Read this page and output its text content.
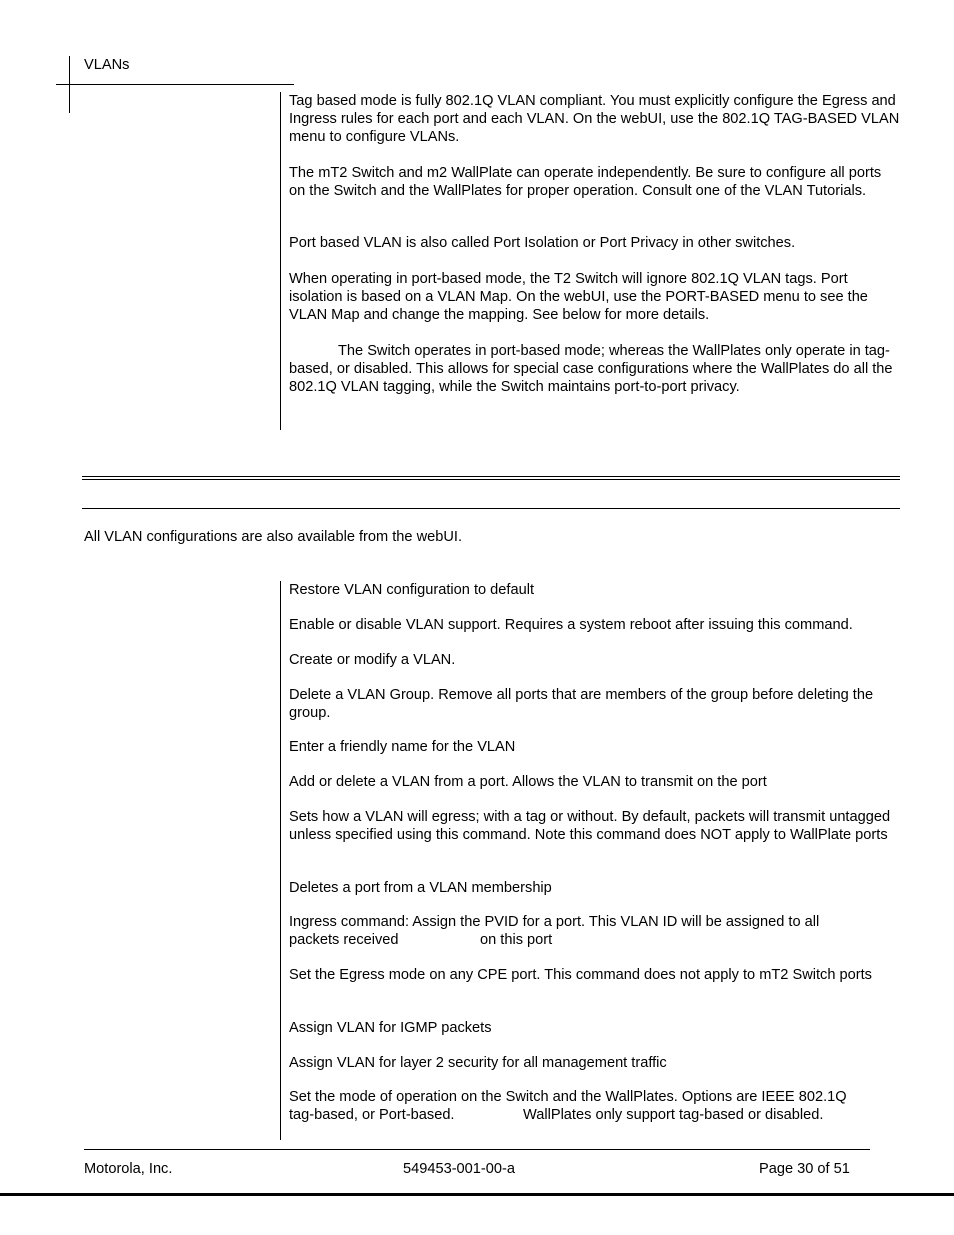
VLANs

Tag based mode is fully 802.1Q VLAN compliant. You must explicitly configure the Egress and Ingress rules for each port and each VLAN. On the webUI, use the 802.1Q TAG-BASED VLAN menu to configure VLANs.

The mT2 Switch and m2 WallPlate can operate independently. Be sure to configure all ports on the Switch and the WallPlates for proper operation. Consult one of the VLAN Tutorials.

Port based VLAN is also called Port Isolation or Port Privacy in other switches.

When operating in port-based mode, the T2 Switch will ignore 802.1Q VLAN tags. Port isolation is based on a VLAN Map. On the webUI, use the PORT-BASED menu to see the VLAN Map and change the mapping. See below for more details.

The Switch operates in port-based mode; whereas the WallPlates only operate in tag-based, or disabled. This allows for special case configurations where the WallPlates do all the 802.1Q VLAN tagging, while the Switch maintains port-to-port privacy.

All VLAN configurations are also available from the webUI.

Restore VLAN configuration to default

Enable or disable VLAN support. Requires a system reboot after issuing this command.

Create or modify a VLAN.

Delete a VLAN Group. Remove all ports that are members of the group before deleting the group.

Enter a friendly name for the VLAN

Add or delete a VLAN from a port. Allows the VLAN to transmit on the port

Sets how a VLAN will egress; with a tag or without. By default, packets will transmit untagged unless specified using this command. Note this command does NOT apply to WallPlate ports

Deletes a port from a VLAN membership

Ingress command: Assign the PVID for a port. This VLAN ID will be assigned to all

packets received	on this port

Set the Egress mode on any CPE port. This command does not apply to mT2 Switch ports

Assign VLAN for IGMP packets

Assign VLAN for layer 2 security for all management traffic

Set the mode of operation on the Switch and the WallPlates. Options are IEEE 802.1Q

tag-based, or Port-based.	WallPlates only support tag-based or disabled.
Motorola, Inc.	549453-001-00-a	Page 30 of 51
